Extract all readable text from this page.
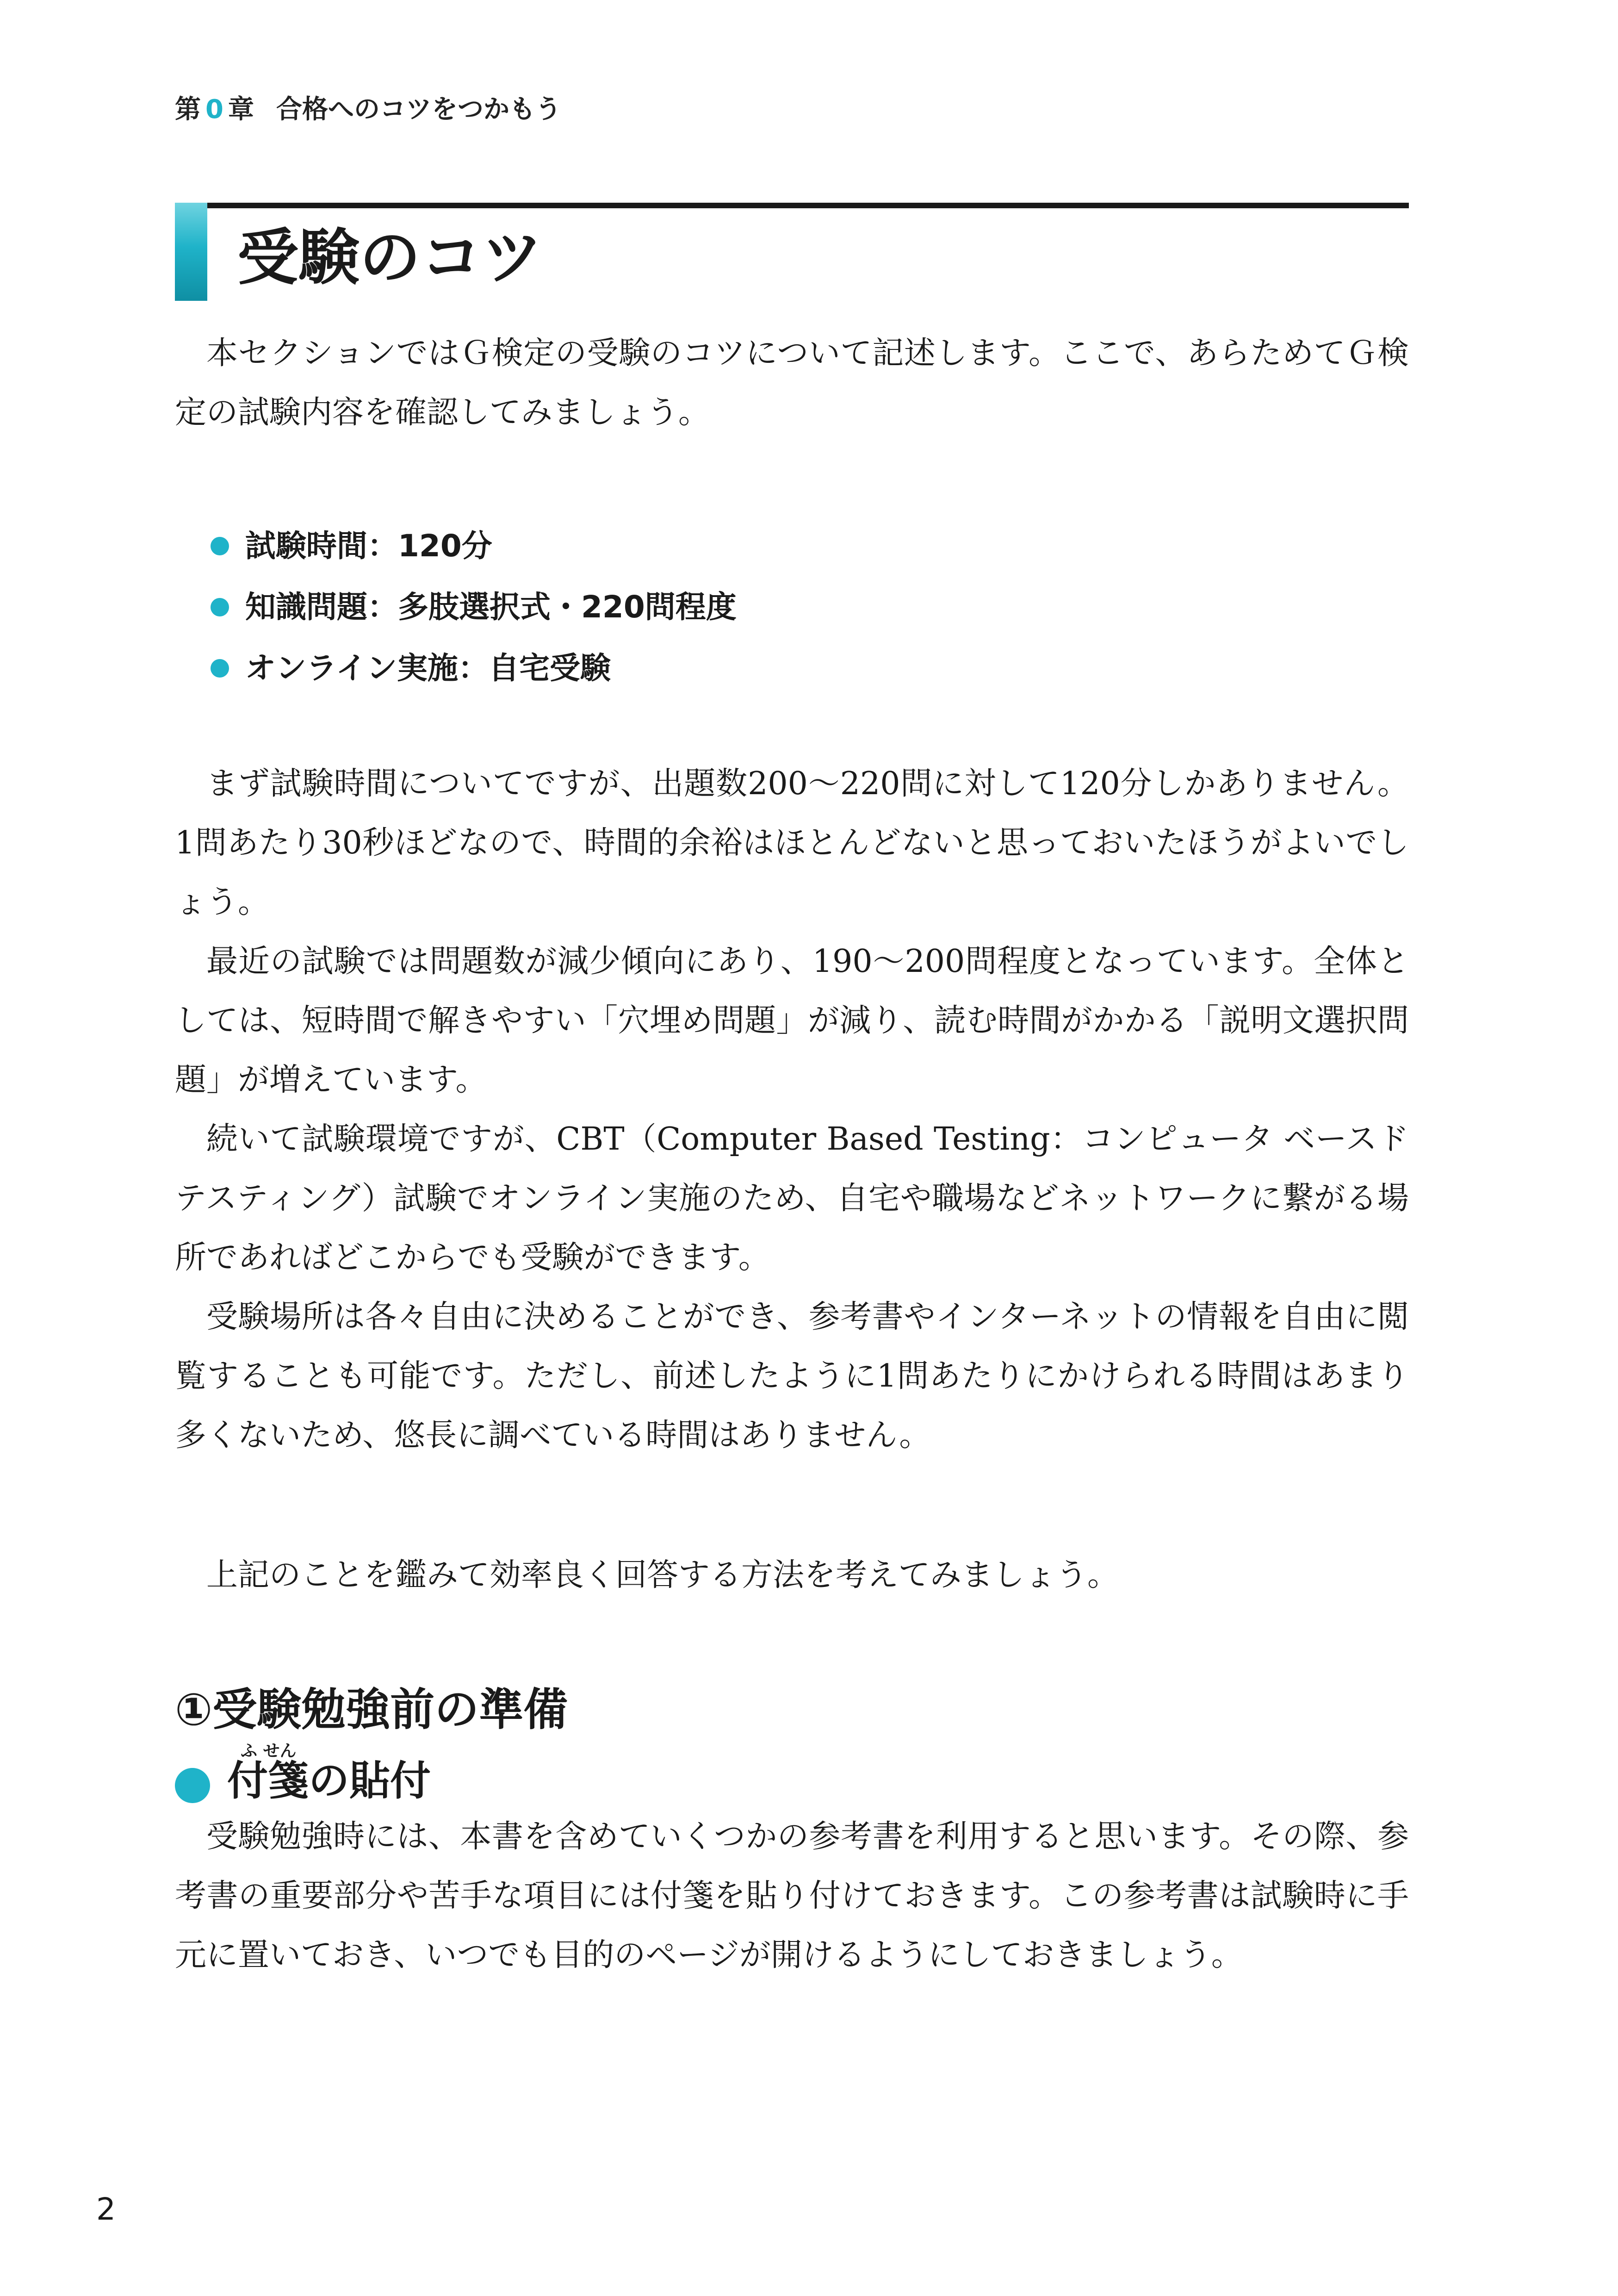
第 0 章 合格へのコツをつかもう
受験のコツ

本セクションではＧ検定の受験のコツについて記述します。ここで、あらためてＧ検定の試験内容を確認してみましょう。

試験時間：120分
知識問題：多肢選択式・220問程度
オンライン実施：自宅受験

まず試験時間についてですが、出題数200〜220問に対して120分しかありません。1問あたり30秒ほどなので、時間的余裕はほとんどないと思っておいたほうがよいでしょう。

最近の試験では問題数が減少傾向にあり、190〜200問程度となっています。全体としては、短時間で解きやすい「穴埋め問題」が減り、読む時間がかかる「説明文選択問題」が増えています。

続いて試験環境ですが、CBT（Computer Based Testing：コンピュータ ベースド テスティング）試験でオンライン実施のため、自宅や職場などネットワークに繋がる場所であればどこからでも受験ができます。

受験場所は各々自由に決めることができ、参考書やインターネットの情報を自由に閲覧することも可能です。ただし、前述したように1問あたりにかけられる時間はあまり多くないため、悠長に調べている時間はありません。

上記のことを鑑みて効率良く回答する方法を考えてみましょう。

①受験勉強前の準備
ふ せん
付箋の貼付

受験勉強時には、本書を含めていくつかの参考書を利用すると思います。その際、参考書の重要部分や苦手な項目には付箋を貼り付けておきます。この参考書は試験時に手元に置いておき、いつでも目的のページが開けるようにしておきましょう。

2
